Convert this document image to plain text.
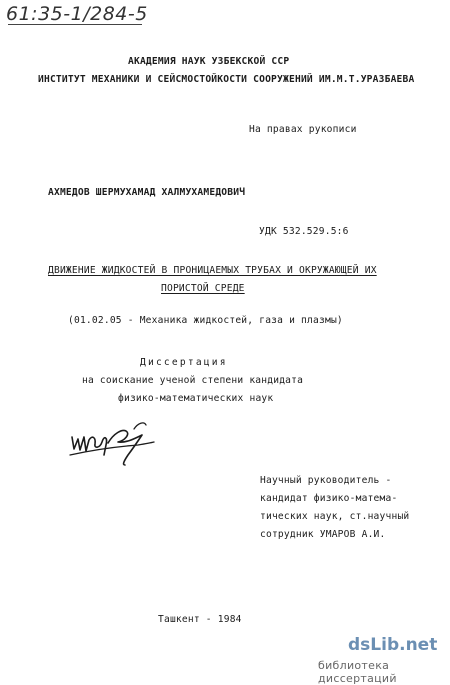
61:35-1/284-5
АКАДЕМИЯ НАУК УЗБЕКСКОЙ ССР
ИНСТИТУТ МЕХАНИКИ И СЕЙСМОСТОЙКОСТИ СООРУЖЕНИЙ ИМ.М.Т.УРАЗБАЕВА
На правах рукописи
АХМЕДОВ ШЕРМУХАМАД ХАЛМУХАМЕДОВИЧ
УДК 532.529.5:6
ДВИЖЕНИЕ ЖИДКОСТЕЙ В ПРОНИЦАЕМЫХ ТРУБАХ И ОКРУЖАЮЩЕЙ ИХ
ПОРИСТОЙ СРЕДЕ
(01.02.05 - Механика жидкостей, газа и плазмы)
Диссертация
на соискание ученой степени кандидата
физико-математических наук
Научный руководитель -
кандидат физико-матема-
тических наук, ст.научный
сотрудник УМАРОВ А.И.
Ташкент - 1984
dsLib.net
библиотека диссертаций
